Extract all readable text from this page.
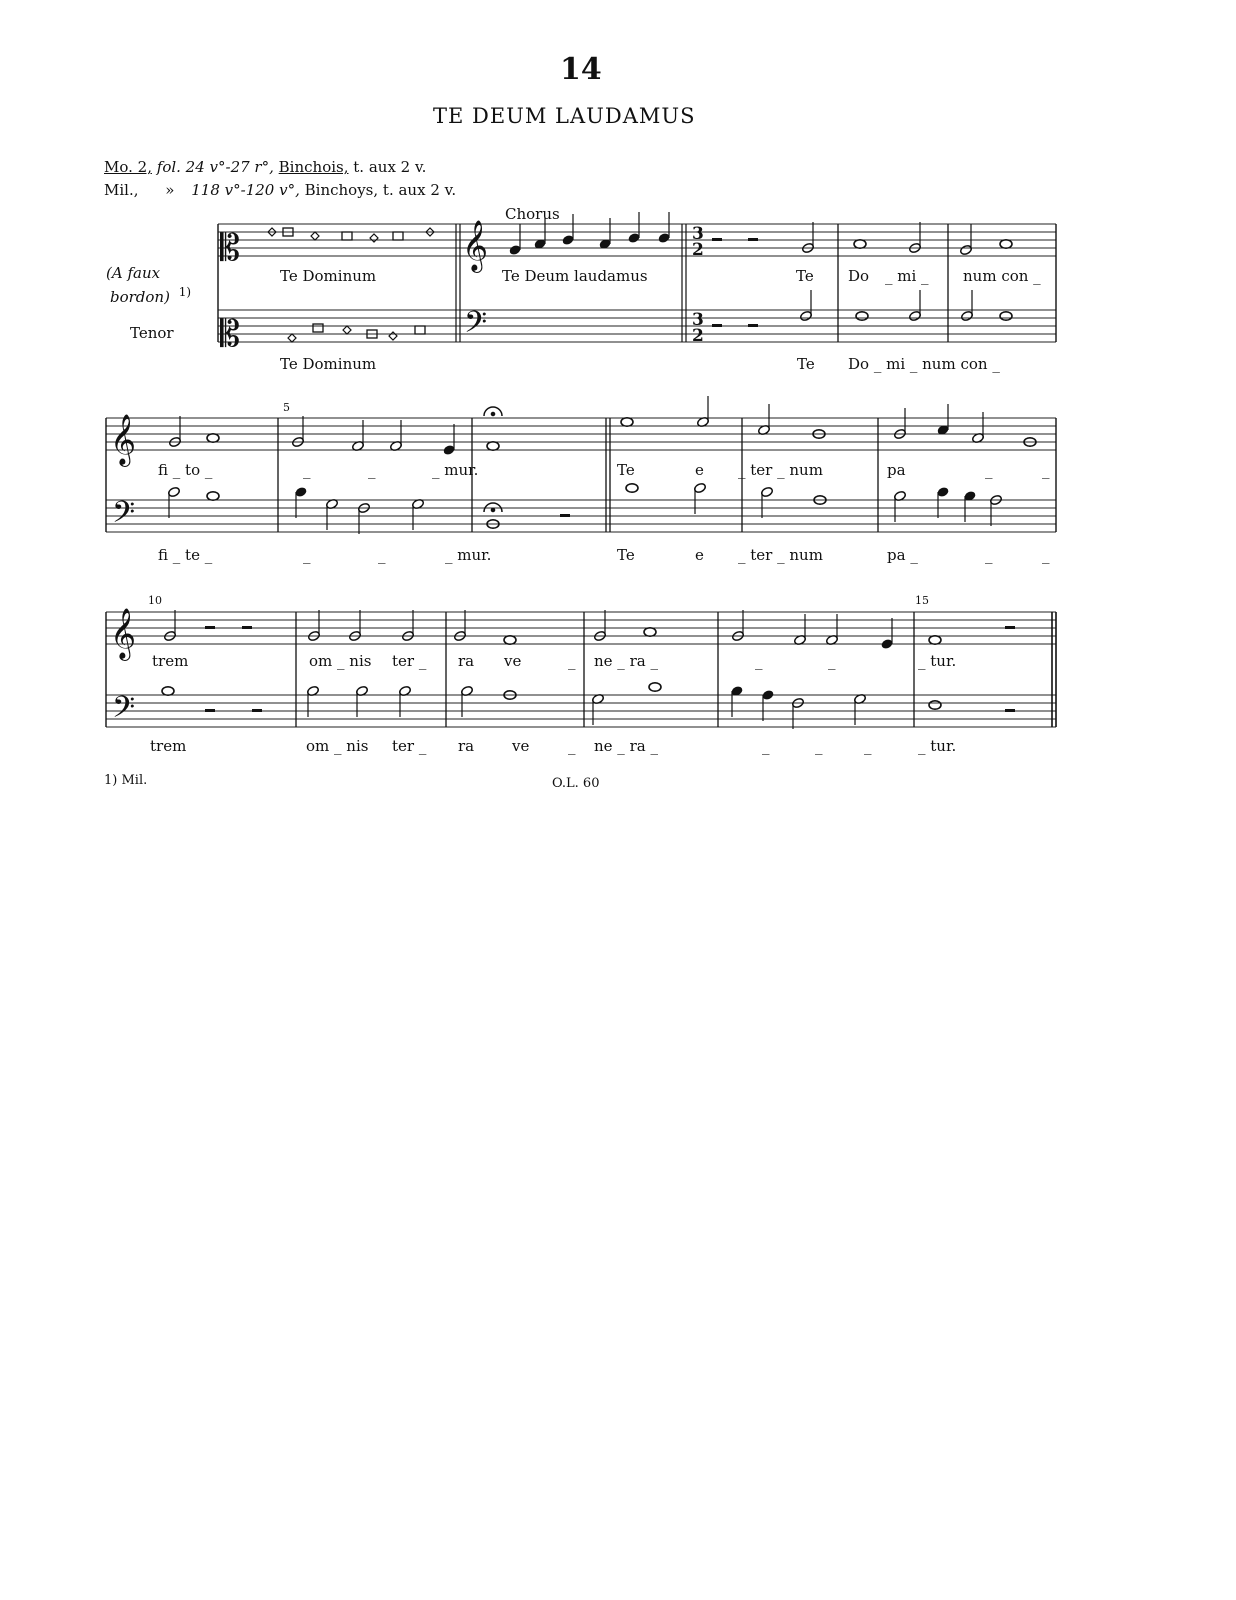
14
TE DEUM LAUDAMUS
Mo. 2, fol. 24 v°-27 r°, Binchois, t. aux 2 v.
Mil., » 118 v°-120 v°, Binchoys, t. aux 2 v.
(A faux
bordon) $^{1)}$
Tenor
Chorus
5
10	15
𝄡
𝄡
𝄞
𝄢
3
2
3
2
𝄞
𝄢
𝄞
𝄢
Te Dominum	Te Deum laudamus	Te Do _ mi _ num con _
Te Dominum	Te Do _ mi _ num con _
fi _ to _	_	_	_ mur.	Te	e _ ter _ num	pa	_	_
fi _ te _	_	_	_ mur.	Te	e _ ter _ num	pa _	_	_
trem	om _ nis ter _ ra ve	_ ne _ ra _	_	_	_ tur.
trem	om _ nis ter _ ra	ve	_ ne _ ra _	_	_	_	_ tur.
1) Mil.	O.L. 60
